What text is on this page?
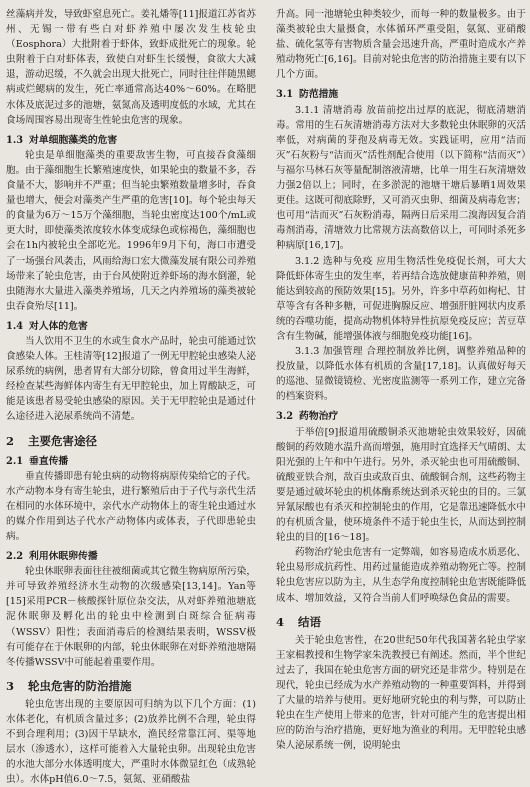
丝藻病并发，导致虾窒息死亡。姜礼燔等[11]报道江苏省苏州、无锡一带有些白对虾养殖中屡次发生枝轮虫（Eosphora）大批附着于虾体，致虾成批死亡的现象。轮虫附着于白对虾体表，致使白对虾生长缓慢，食欲大大减退，游动迟缓，不久就会出现大批死亡，同时往往伴随黑鳃病或烂鳃病的发生，死亡率通常高达40%～60%。在略肥水体及底泥过多的池塘，氨氮高及透明度低的水域，尤其在食场周围容易出现寄生性轮虫危害的现象。

1.3 对单细胞藻类的危害

轮虫是单细胞藻类的重要敌害生物，可直接吞食藻细胞。由于藻细胞生长繁殖速度快，如果轮虫的数量不多，吞食量不大，影响并不严重；但当轮虫繁殖数量增多时，吞食量也增大，便会对藻类产生严重的危害[10]。每个轮虫每天的食量为6万～15万个藻细胞，当轮虫密度达100个/mL或更大时，即使藻类浓度较水体变成绿色或棕褐色，藻细胞也会在1h内被轮虫全部吃光。1996年9月下旬，海口市遭受了一场强台风袭击，风雨给海口宏大微藻发展有限公司养殖场带来了轮虫危害，由于台风使附近养虾场的海水倒灌，轮虫随海水大量进入藻类养殖场，几天之内养殖场的藻类被轮虫吞食殆尽[11]。

1.4 对人体的危害

当人饮用不卫生的水或生食水产品时，轮虫可能通过饮食感染人体。王桂清等[12]报道了一例无甲腔轮虫感染人泌尿系统的病例，患者胃有大部分切除，曾食用过半生海鲜，经检查某些海鲜体内寄生有无甲腔轮虫，加上胃酸缺乏，可能是该患者易受轮虫感染的原因。关于无甲腔轮虫是通过什么途径进入泌尿系统尚不清楚。

2 主要危害途径
2.1 垂直传播

垂直传播即患有轮虫病的动物将病原传染给它的子代。水产动物本身有寄生轮虫，进行繁殖后由于子代与亲代生活在相同的水体环境中，亲代水产动物体上的寄生轮虫通过水的媒介作用到达子代水产动物体内或体表，子代即患轮虫病。

2.2 利用休眠卵传播

轮虫休眠卵表面往往被细菌或其它微生物病原所污染，并可导致养殖经济水生动物的次级感染[13,14]。Yan等[15]采用PCR－核酸探针原位杂交法，从对虾养殖池塘底泥休眠卵及孵化出的轮虫中检测到白斑综合征病毒（WSSV）阳性；表面消毒后的检测结果表明，WSSV极有可能存在于休眠卵的内部，轮虫休眠卵在对虾养殖池塘隔冬传播WSSV中可能起着重要作用。

3 轮虫危害的防治措施

轮虫危害出现的主要原因可归纳为以下几个方面：(1)水体老化，有机质含量过多；(2)放养比例不合理，轮虫得不到合理利用；(3)因干旱缺水，渔民经常靠江河、渠等地层水（渗透水），这样可能着入大量轮虫卵。出现轮虫危害的水池大部分水体透明度大，严重时水体微显红色（成熟轮虫）。水体pH值6.0～7.5，氨氮、亚硝酸盐

升高。同一池塘轮虫种类较少，而每一种的数量极多。由于藻类被轮虫大量摄食，水体循环严重受阻，氨氮、亚硝酸盐、硫化氢等有害物质含量会迅速升高，严重时造成水产养殖动物死亡[6,16]。目前对轮虫危害的防治措施主要有以下几个方面。

3.1 防范措施

3.1.1 清塘消毒 放苗前挖出过厚的底泥，彻底清塘消毒。常用的生石灰清塘消毒方法对大多数轮虫休眠卵的灭活率低，对病菌的芽孢及病毒无效。实践证明，应用“洁而灭”石灰粉与“洁而灭”活性剂配合使用（以下简称“洁而灭”）与福尔马林石灰等量配制溶液清塘，比单一用生石灰清塘效力强2倍以上；同时，在多淤泥的池塘干塘后暴晒1周效果更佳。这既可彻底除野，又可消灭虫卵、细菌及病毒危害；也可用“洁而灭”石灰粉消毒，隔两日后采用二溴海因复合消毒剂消毒，清塘效力比常规方法高数倍以上，可同时杀死多种病原[16,17]。

3.1.2 选种与免疫 应用生物活性免疫促长剂，可大大降低虾体寄生虫的发生率，若再结合选放健康苗种养殖，则能达到较高的预防效果[15]。另外，许多中草药如枸杞、甘草等含有各种多糖，可促进胸腺反应、增强肝脏网状内皮系统的吞噬功能，提高动物机体特异性抗原免疫反应；苦豆草含有生物碱，能增强体液与细胞免疫功能[16]。

3.1.3 加强管理 合理控制放养比例，调整养殖品种的投放量，以降低水体有机质的含量[17,18]。认真做好每天的巡池、显微镜镜检、光密度监测等一系列工作，建立完备的档案资料。

3.2 药物治疗

于举倍[9]报道用硫酸铜杀灭池塘轮虫效果较好，因硫酸铜的药效随水温升高而增强，施用时宜选择天气晴朗、太阳光强的上午和中午进行。另外，杀灭轮虫也可用硫酸铜、硫酸亚铁合剂，敌百虫或敌百虫、硫酸铜合剂，这些药物主要是通过破坏轮虫的机体酶系统达到杀灭轮虫的目的。三氯异氰尿酸也有杀灭和控制轮虫的作用，它是靠迅速降低水中的有机质含量，使环境条件不适于轮虫生长，从而达到控制轮虫的目的[16～18]。

药物治疗轮虫危害有一定弊端，如容易造成水质恶化、轮虫易形成抗药性、用药过量能造成养殖动物死亡等。控制轮虫危害应以防为主，从生态学角度控制轮虫危害既能降低成本、增加效益，又符合当前人们呼唤绿色食品的需要。

4 结语

关于轮虫危害性，在20世纪50年代我国著名轮虫学家王家楫教授和生物学家朱洗教授已有阐述。然而，半个世纪过去了，我国在轮虫危害方面的研究还是非常少。特别是在现代，轮虫已经成为水产养殖动物的一种重要饵料，并得到了大量的培养与使用。更好地研究轮虫的利与弊，可以防止轮虫在生产使用上带来的危害，针对可能产生的危害提出相应的防治与治疗措施，更好地为渔业的利用。无甲腔轮虫感染人泌尿系统一例，说明轮虫
